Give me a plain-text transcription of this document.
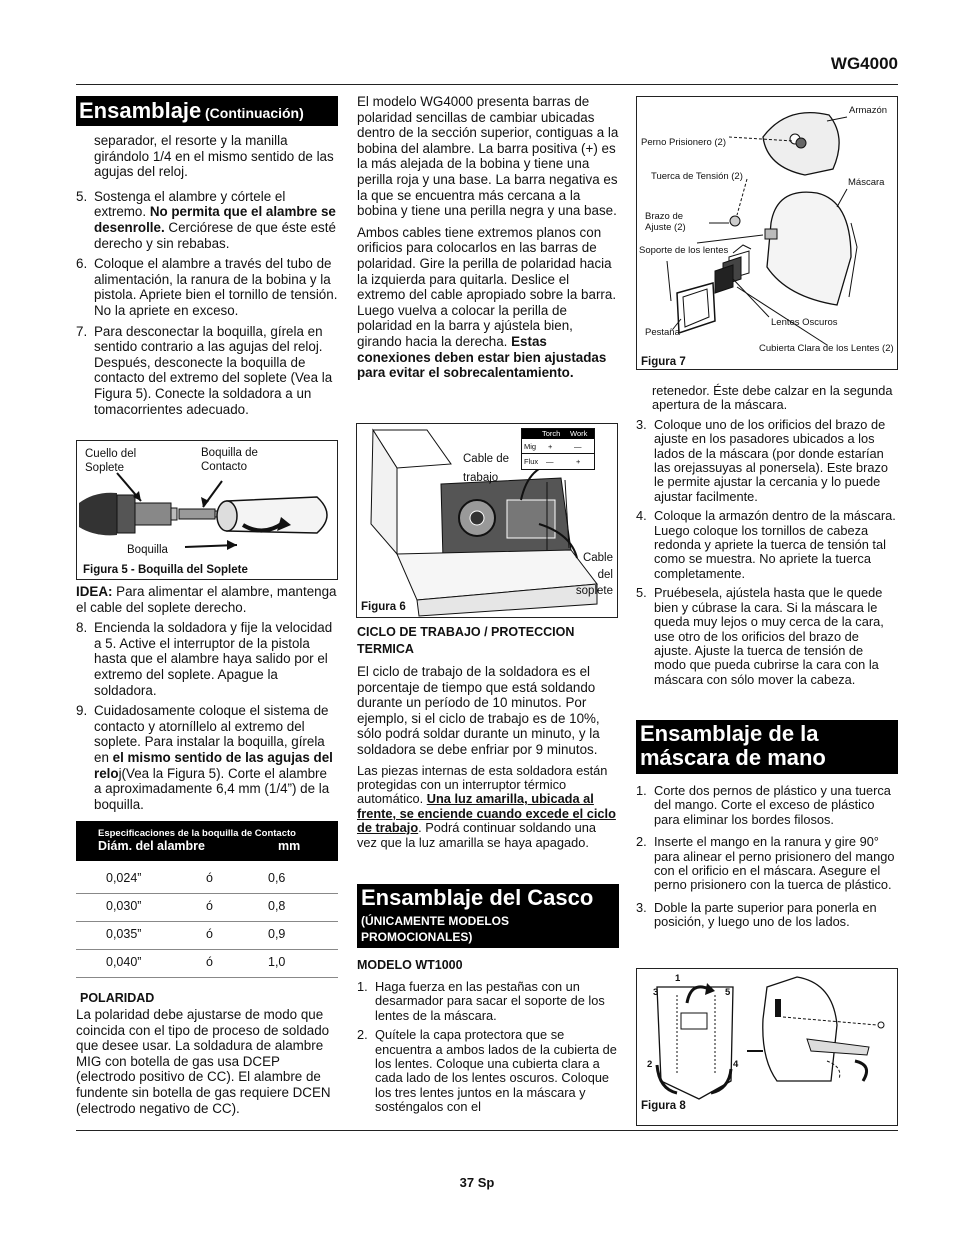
WG4000
Ensamblaje (Continuación)

separador, el resorte y la manilla girándolo 1/4 en el mismo sentido de las agujas del reloj.

5. Sostenga el alambre y córtele el extremo. No permita que el alambre se desenrolle. Cerciórese de que éste esté derecho y sin rebabas.
6. Coloque el alambre a través del tubo de alimentación, la ranura de la bobina y la pistola. Apriete bien el tornillo de tensión. No la apriete en exceso.
7. Para desconectar la boquilla, gírela en sentido contrario a las agujas del reloj. Después, desconecte la boquilla de contacto del extremo del soplete (Vea la Figura 5). Conecte la soldadora a un tomacorrientes adecuado.
Cuello del Soplete
Boquilla de Contacto
Boquilla
Figura 5 - Boquilla del Soplete

IDEA: Para alimentar el alambre, mantenga el cable del soplete derecho.

8. Encienda la soldadora y fije la velocidad a 5. Active el interruptor de la pistola hasta que el alambre haya salido por el extremo del soplete. Apague la soldadora.
9. Cuidadosamente coloque el sistema de contacto y atorníllelo al extremo del soplete. Para instalar la boquilla, gírela en el mismo sentido de las agujas del reloj(Vea la Figura 5). Corte el alambre a aproximadamente 6,4 mm (1/4”) de la boquilla.
Especificaciones de la boquilla de Contacto
Diám. del alambre	mm
0,024”	ó	0,6
0,030”	ó	0,8
0,035”	ó	0,9
0,040”	ó	1,0
POLARIDAD

La polaridad debe ajustarse de modo que coincida con el tipo de proceso de soldado que desee usar. La soldadura de alambre MIG con botella de gas usa DCEP (electrodo positivo de CC). El alambre de fundente sin botella de gas requiere DCEN (electrodo negativo de CC).

El modelo WG4000 presenta barras de polaridad sencillas de cambiar ubicadas dentro de la sección superior, contiguas a la bobina del alambre. La barra positiva (+) es la más alejada de la bobina y tiene una perilla roja y una base. La barra negativa es la que se encuentra más cercana a la bobina y tiene una perilla negra y una base.

Ambos cables tiene extremos planos con orificios para colocarlos en las barras de polaridad. Gire la perilla de polaridad hacia la izquierda para quitarla. Deslice el extremo del cable apropiado sobre la barra. Luego vuelva a colocar la perilla de polaridad en la barra y ajústela bien, girando hacia la derecha. Estas conexiones deben estar bien ajustadas para evitar el sobrecalentamiento.

Cable de trabajo
Cable del soplete
Torch Work
Mig +	—
Flux —	+
Figura 6
CICLO DE TRABAJO / PROTECCION TERMICA

El ciclo de trabajo de la soldadora es el porcentaje de tiempo que está soldando durante un período de 10 minutos. Por ejemplo, si el ciclo de trabajo es de 10%, sólo podrá soldar durante un minuto, y la soldadora se debe enfriar por 9 minutos.

Las piezas internas de esta soldadora están protegidas con un interruptor térmico automático. Una luz amarilla, ubicada al frente, se enciende cuando excede el ciclo de trabajo. Podrá continuar soldando una vez que la luz amarilla se haya apagado.

Ensamblaje del Casco
(ÚNICAMENTE MODELOS PROMOCIONALES)
MODELO WT1000
1. Haga fuerza en las pestañas con un desarmador para sacar el soporte de los lentes de la máscara.
2. Quítele la capa protectora que se encuentra a ambos lados de la cubierta de los lentes. Coloque una cubierta clara a cada lado de los lentes oscuros. Coloque los tres lentes juntos en la máscara y sosténgalos con el
Armazón
Perno Prisionero (2)
Tuerca de Tensión (2)
Máscara
Brazo de Ajuste (2)
Soporte de los lentes
Lentes Oscuros
Pestaña
Cubierta Clara de los Lentes (2)
Figura 7

retenedor. Éste debe calzar en la segunda apertura de la máscara.

3. Coloque uno de los orificios del brazo de ajuste en los pasadores ubicados a los lados de la máscara (por donde estarían las orejassuyas al ponersela). Este brazo le permite ajustar la cercania y lo puede ajustar facilmente.
4. Coloque la armazón dentro de la máscara. Luego coloque los tornillos de cabeza redonda y apriete la tuerca de tensión tal como se muestra. No apriete la tuerca completamente.
5. Pruébesela, ajústela hasta que le quede bien y cúbrase la cara. Si la máscara le queda muy lejos o muy cerca de la cara, use otro de los orificios del brazo de ajuste. Ajuste la tuerca de tensión de modo que pueda cubrirse la cara con la máscara con sólo mover la cabeza.
Ensamblaje de la máscara de mano
1. Corte dos pernos de plástico y una tuerca del mango. Corte el exceso de plástico para eliminar los bordes filosos.
2. Inserte el mango en la ranura y gire 90° para alinear el perno prisionero del mango con el orificio en el máscara. Asegure el perno prisionero con la tuerca de plástico.
3. Doble la parte superior para ponerla en posición, y luego uno de los lados.
1
3	5
2	4
Figura 8
37 Sp
